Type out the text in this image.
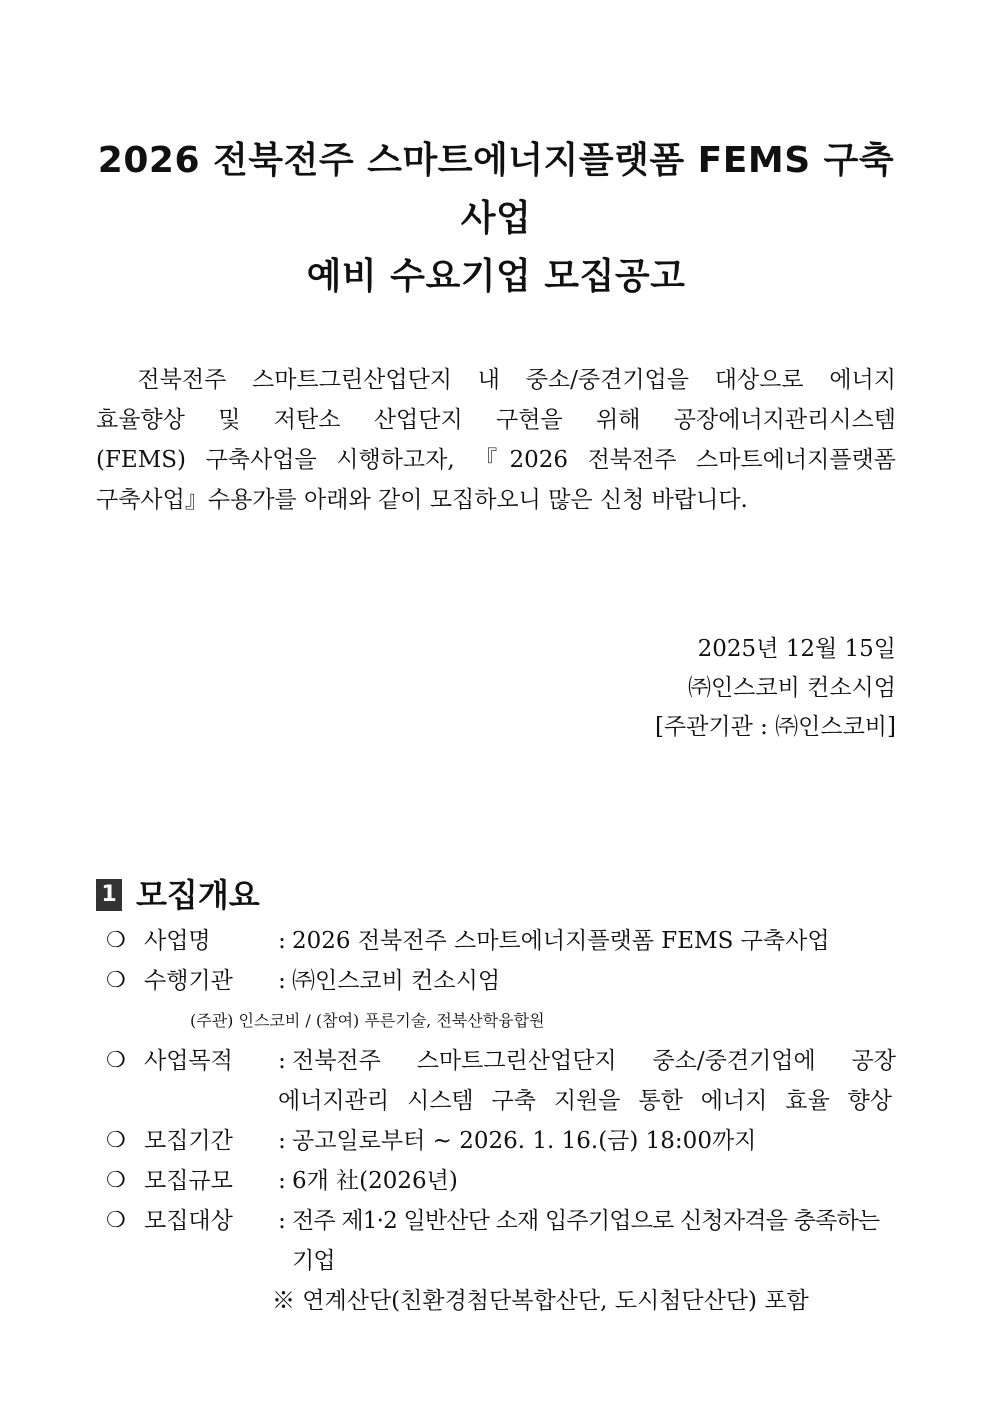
2026 전북전주 스마트에너지플랫폼 FEMS 구축사업
예비 수요기업 모집공고
　전북전주 스마트그린산업단지 내 중소/중견기업을 대상으로 에너지
효율향상 및 저탄소 산업단지 구현을 위해 공장에너지관리시스템
(FEMS) 구축사업을 시행하고자, 『2026 전북전주 스마트에너지플랫폼
구축사업』수용가를 아래와 같이 모집하오니 많은 신청 바랍니다.
2025년 12월 15일
㈜인스코비 컨소시엄
[주관기관 : ㈜인스코비]
1 모집개요
❍ 사업명	: 2026 전북전주 스마트에너지플랫폼 FEMS 구축사업
❍ 수행기관	: ㈜인스코비 컨소시엄
(주관) 인스코비 / (참여) 푸른기술, 전북산학융합원
❍ 사업목적	: 전북전주 스마트그린산업단지 중소/중견기업에 공장
에너지관리 시스템 구축 지원을 통한 에너지 효율 향상
❍ 모집기간	: 공고일로부터 ~ 2026. 1. 16.(금) 18:00까지
❍ 모집규모	: 6개 社(2026년)
❍ 모집대상	: 전주 제1·2 일반산단 소재 입주기업으로 신청자격을 충족하는 기업
※ 연계산단(친환경첨단복합산단, 도시첨단산단) 포함
